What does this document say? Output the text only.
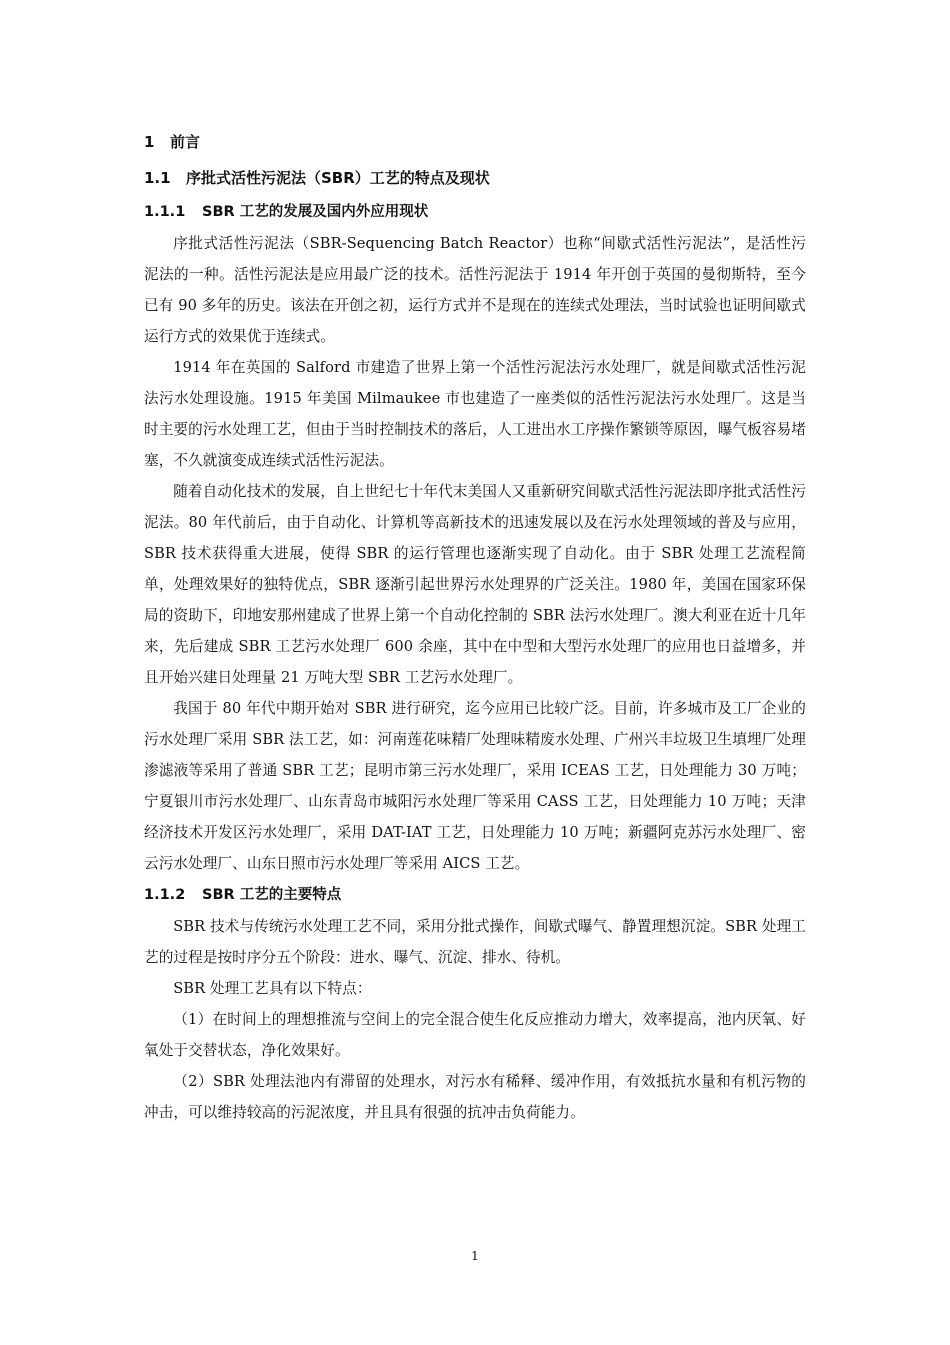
1 前言
1.1 序批式活性污泥法（SBR）工艺的特点及现状
1.1.1 SBR 工艺的发展及国内外应用现状

序批式活性污泥法（SBR-Sequencing Batch Reactor）也称“间歇式活性污泥法”，是活性污泥法的一种。活性污泥法是应用最广泛的技术。活性污泥法于 1914 年开创于英国的曼彻斯特，至今已有 90 多年的历史。该法在开创之初，运行方式并不是现在的连续式处理法，当时试验也证明间歇式运行方式的效果优于连续式。

1914 年在英国的 Salford 市建造了世界上第一个活性污泥法污水处理厂，就是间歇式活性污泥法污水处理设施。1915 年美国 Milmaukee 市也建造了一座类似的活性污泥法污水处理厂。这是当时主要的污水处理工艺，但由于当时控制技术的落后，人工进出水工序操作繁锁等原因，曝气板容易堵塞，不久就演变成连续式活性污泥法。

随着自动化技术的发展，自上世纪七十年代末美国人又重新研究间歇式活性污泥法即序批式活性污泥法。80 年代前后，由于自动化、计算机等高新技术的迅速发展以及在污水处理领域的普及与应用，SBR 技术获得重大进展，使得 SBR 的运行管理也逐渐实现了自动化。由于 SBR 处理工艺流程简单，处理效果好的独特优点，SBR 逐渐引起世界污水处理界的广泛关注。1980 年，美国在国家环保局的资助下，印地安那州建成了世界上第一个自动化控制的 SBR 法污水处理厂。澳大利亚在近十几年来，先后建成 SBR 工艺污水处理厂 600 余座，其中在中型和大型污水处理厂的应用也日益增多，并且开始兴建日处理量 21 万吨大型 SBR 工艺污水处理厂。

我国于 80 年代中期开始对 SBR 进行研究，迄今应用已比较广泛。目前，许多城市及工厂企业的污水处理厂采用 SBR 法工艺，如：河南莲花味精厂处理味精废水处理、广州兴丰垃圾卫生填埋厂处理渗滤液等采用了普通 SBR 工艺；昆明市第三污水处理厂，采用 ICEAS 工艺，日处理能力 30 万吨；宁夏银川市污水处理厂、山东青岛市城阳污水处理厂等采用 CASS 工艺，日处理能力 10 万吨；天津经济技术开发区污水处理厂，采用 DAT-IAT 工艺，日处理能力 10 万吨；新疆阿克苏污水处理厂、密云污水处理厂、山东日照市污水处理厂等采用 AICS 工艺。

1.1.2 SBR 工艺的主要特点

SBR 技术与传统污水处理工艺不同，采用分批式操作，间歇式曝气、静置理想沉淀。SBR 处理工艺的过程是按时序分五个阶段：进水、曝气、沉淀、排水、待机。

SBR 处理工艺具有以下特点：

（1）在时间上的理想推流与空间上的完全混合使生化反应推动力增大，效率提高，池内厌氧、好氧处于交替状态，净化效果好。

（2）SBR 处理法池内有滞留的处理水，对污水有稀释、缓冲作用，有效抵抗水量和有机污物的冲击，可以维持较高的污泥浓度，并且具有很强的抗冲击负荷能力。

1
